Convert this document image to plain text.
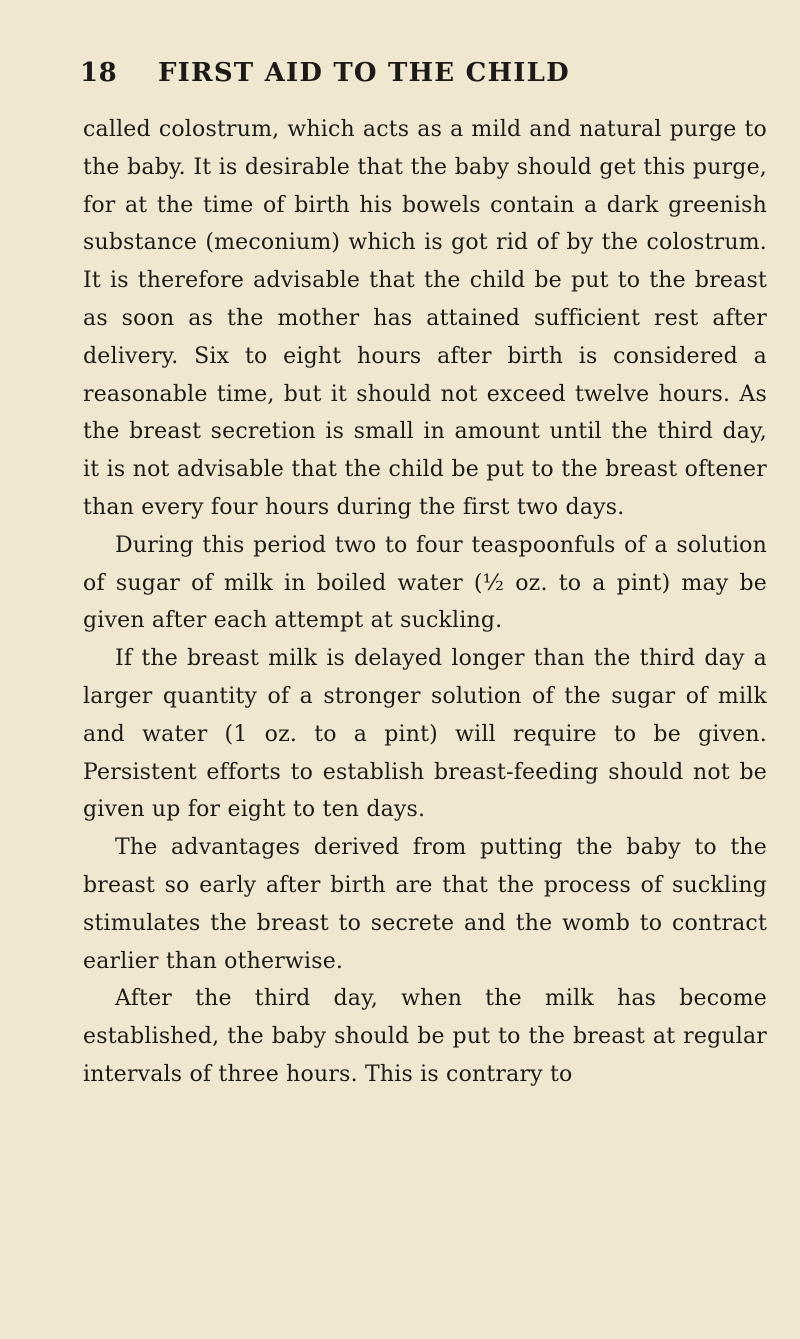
18 FIRST AID TO THE CHILD

called colostrum, which acts as a mild and natural purge to the baby. It is desirable that the baby should get this purge, for at the time of birth his bowels contain a dark greenish substance (meconium) which is got rid of by the colostrum. It is therefore advisable that the child be put to the breast as soon as the mother has attained sufficient rest after delivery. Six to eight hours after birth is considered a reasonable time, but it should not exceed twelve hours. As the breast secretion is small in amount until the third day, it is not advisable that the child be put to the breast oftener than every four hours during the first two days.

During this period two to four teaspoonfuls of a solution of sugar of milk in boiled water (½ oz. to a pint) may be given after each attempt at suckling.

If the breast milk is delayed longer than the third day a larger quantity of a stronger solution of the sugar of milk and water (1 oz. to a pint) will require to be given. Persistent efforts to establish breast-feeding should not be given up for eight to ten days.

The advantages derived from putting the baby to the breast so early after birth are that the process of suckling stimulates the breast to secrete and the womb to contract earlier than otherwise.

After the third day, when the milk has become established, the baby should be put to the breast at regular intervals of three hours. This is contrary to
